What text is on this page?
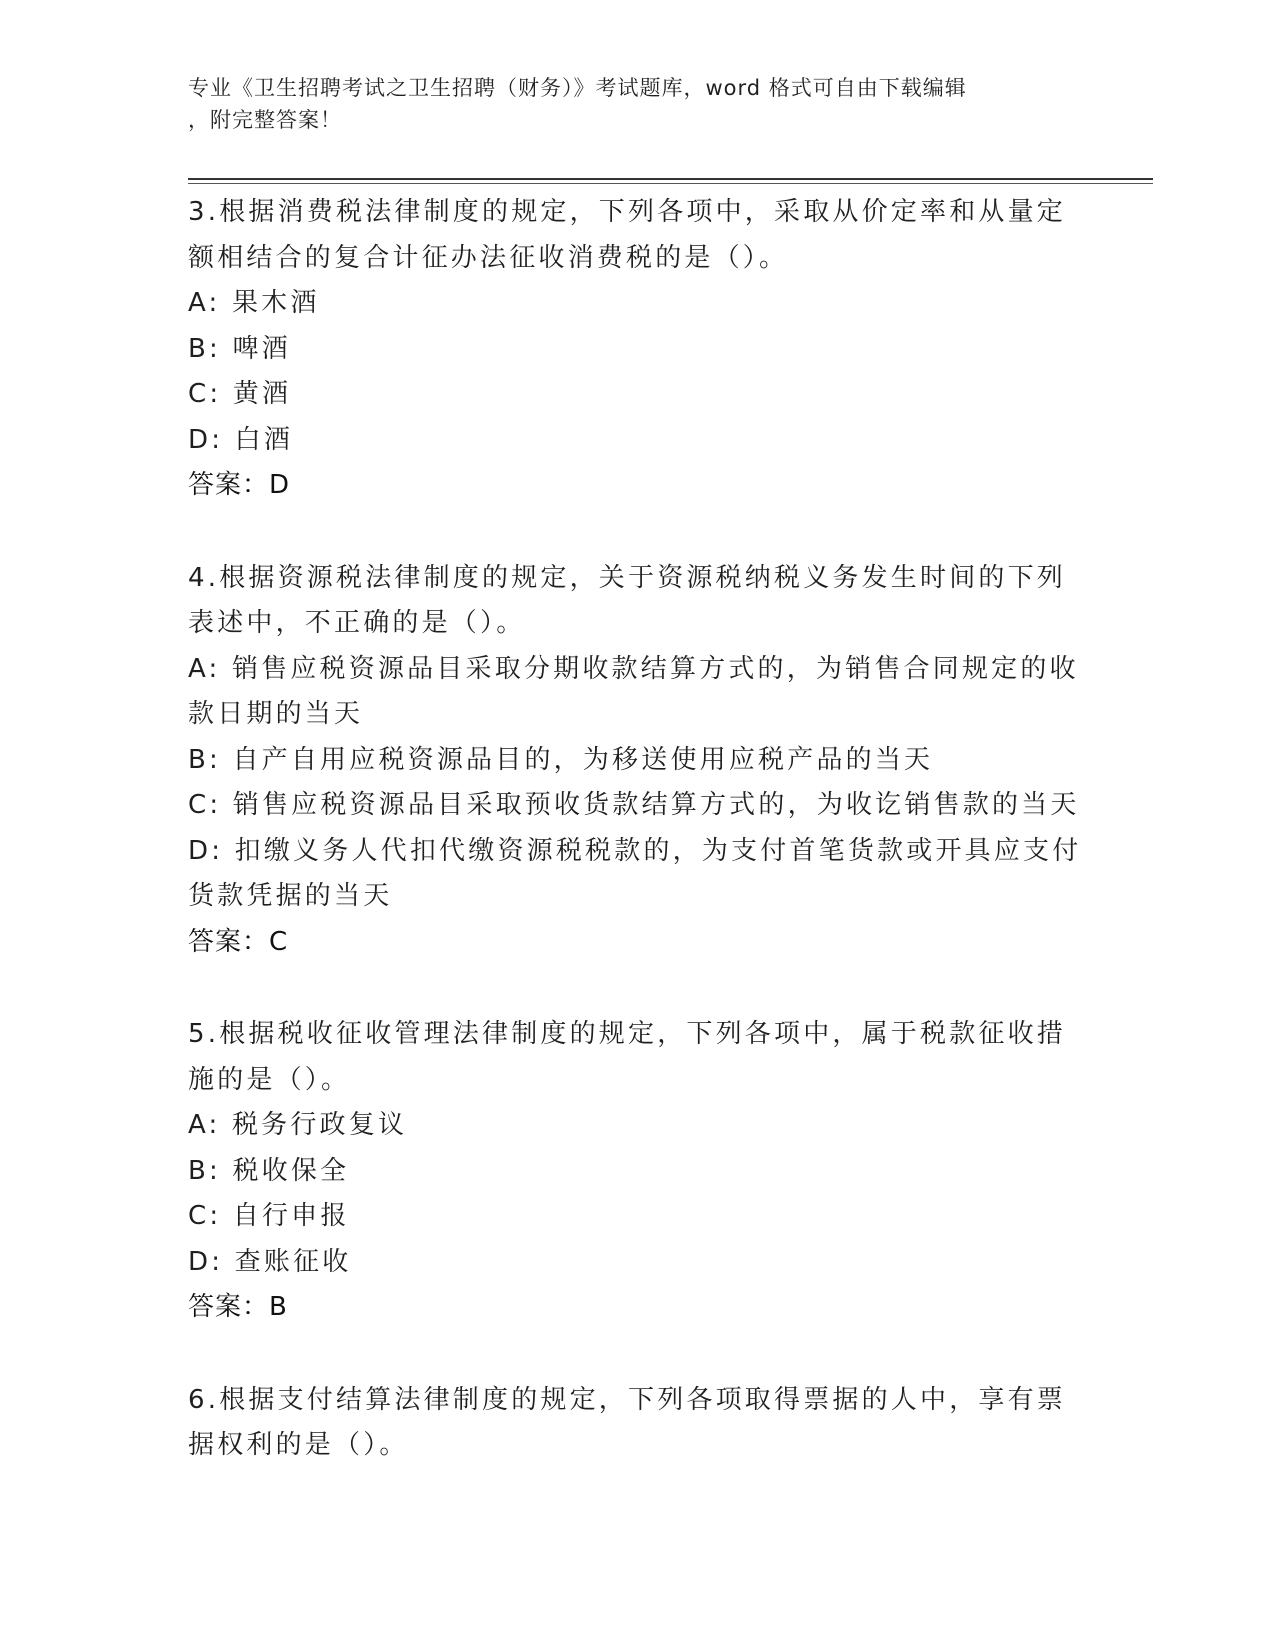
专业《卫生招聘考试之卫生招聘（财务）》考试题库，word 格式可自由下载编辑
，附完整答案！
3.根据消费税法律制度的规定，下列各项中，采取从价定率和从量定
额相结合的复合计征办法征收消费税的是（）。
A: 果木酒
B: 啤酒
C: 黄酒
D: 白酒
答案：D
4.根据资源税法律制度的规定，关于资源税纳税义务发生时间的下列
表述中，不正确的是（）。
A: 销售应税资源品目采取分期收款结算方式的，为销售合同规定的收
款日期的当天
B: 自产自用应税资源品目的，为移送使用应税产品的当天
C: 销售应税资源品目采取预收货款结算方式的，为收讫销售款的当天
D: 扣缴义务人代扣代缴资源税税款的，为支付首笔货款或开具应支付
货款凭据的当天
答案：C
5.根据税收征收管理法律制度的规定，下列各项中，属于税款征收措
施的是（）。
A: 税务行政复议
B: 税收保全
C: 自行申报
D: 查账征收
答案：B
6.根据支付结算法律制度的规定，下列各项取得票据的人中，享有票
据权利的是（）。
